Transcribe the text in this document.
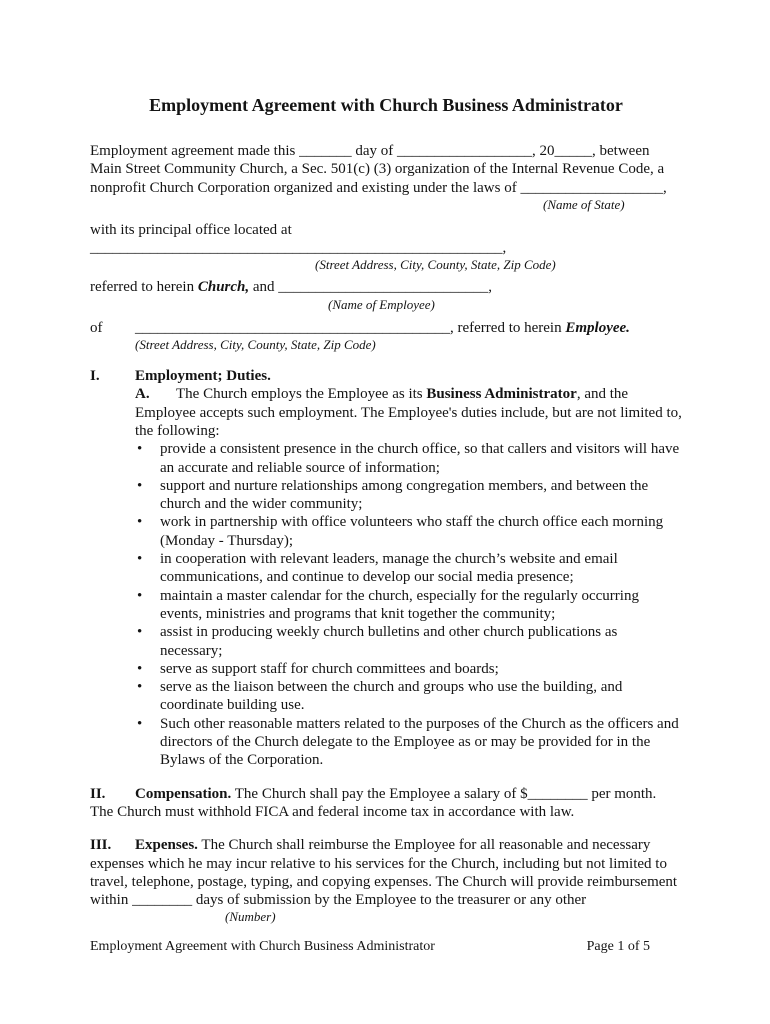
Employment Agreement with Church Business Administrator
Employment agreement made this _______ day of __________________, 20_____, between Main Street Community Church, a Sec. 501(c) (3) organization of the Internal Revenue Code, a nonprofit Church Corporation organized and existing under the laws of ___________________,
(Name of State)
with its principal office located at _______________________________________________________,
(Street Address, City, County, State, Zip Code)
referred to herein Church, and ____________________________,
(Name of Employee)
of __________________________________________, referred to herein Employee.
(Street Address, City, County, State, Zip Code)
I. Employment; Duties.
A. The Church employs the Employee as its Business Administrator, and the Employee accepts such employment. The Employee's duties include, but are not limited to, the following:
•	provide a consistent presence in the church office, so that callers and visitors will have an accurate and reliable source of information;
•	support and nurture relationships among congregation members, and between the church and the wider community;
•	work in partnership with office volunteers who staff the church office each morning (Monday - Thursday);
•	in cooperation with relevant leaders, manage the church’s website and email communications, and continue to develop our social media presence;
•	maintain a master calendar for the church, especially for the regularly occurring events, ministries and programs that knit together the community;
•	assist in producing weekly church bulletins and other church publications as necessary;
•	serve as support staff for church committees and boards;
•	serve as the liaison between the church and groups who use the building, and coordinate building use.
•	Such other reasonable matters related to the purposes of the Church as the officers and directors of the Church delegate to the Employee as or may be provided for in the Bylaws of the Corporation.
II. Compensation. The Church shall pay the Employee a salary of $________ per month. The Church must withhold FICA and federal income tax in accordance with law.
III. Expenses. The Church shall reimburse the Employee for all reasonable and necessary expenses which he may incur relative to his services for the Church, including but not limited to travel, telephone, postage, typing, and copying expenses. The Church will provide reimbursement within ________ days of submission by the Employee to the treasurer or any other
(Number)
Employment Agreement with Church Business Administrator	Page 1 of 5
